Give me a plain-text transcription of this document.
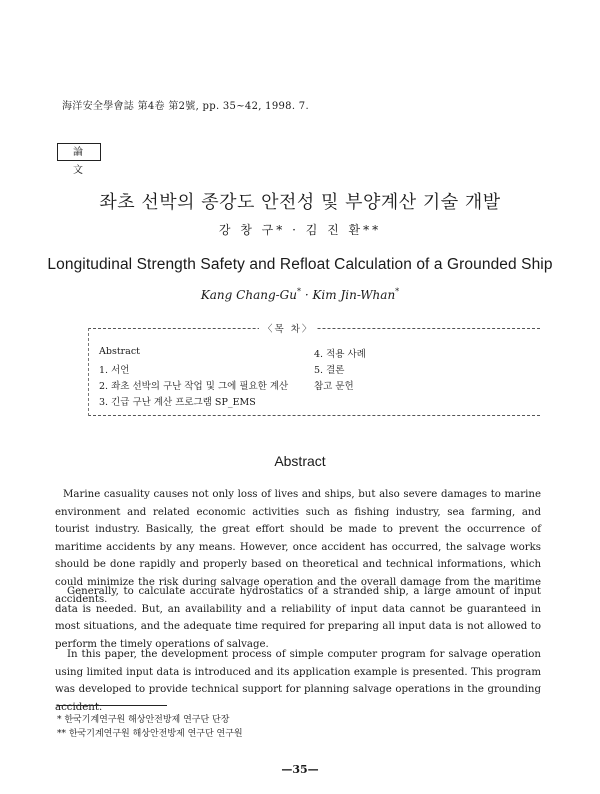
海洋安全學會誌 第4卷 第2號, pp. 35~42, 1998. 7.
論 文
좌초 선박의 종강도 안전성 및 부양계산 기술 개발
강 창 구* · 김 진 환**
Longitudinal Strength Safety and Refloat Calculation of a Grounded Ship
Kang Chang-Gu* · Kim Jin-Whan*
〈목 차〉
Abstract
1. 서언
2. 좌초 선박의 구난 작업 및 그에 필요한 계산
3. 긴급 구난 계산 프로그램 SP_EMS
4. 적용 사례
5. 결론
참고 문헌
Abstract

Marine casuality causes not only loss of lives and ships, but also severe damages to marine environment and related economic activities such as fishing industry, sea farming, and tourist industry. Basically, the great effort should be made to prevent the occurrence of maritime accidents by any means. However, once accident has occurred, the salvage works should be done rapidly and properly based on theoretical and technical informations, which could minimize the risk during salvage operation and the overall damage from the maritime accidents.

Generally, to calculate accurate hydrostatics of a stranded ship, a large amount of input data is needed. But, an availability and a reliability of input data cannot be guaranteed in most situations, and the adequate time required for preparing all input data is not allowed to perform the timely operations of salvage.

In this paper, the development process of simple computer program for salvage operation using limited input data is introduced and its application example is presented. This program was developed to provide technical support for planning salvage operations in the grounding accident.

* 한국기계연구원 해상안전방제 연구단 단장
** 한국기계연구원 해상안전방제 연구단 연구원
—35—
